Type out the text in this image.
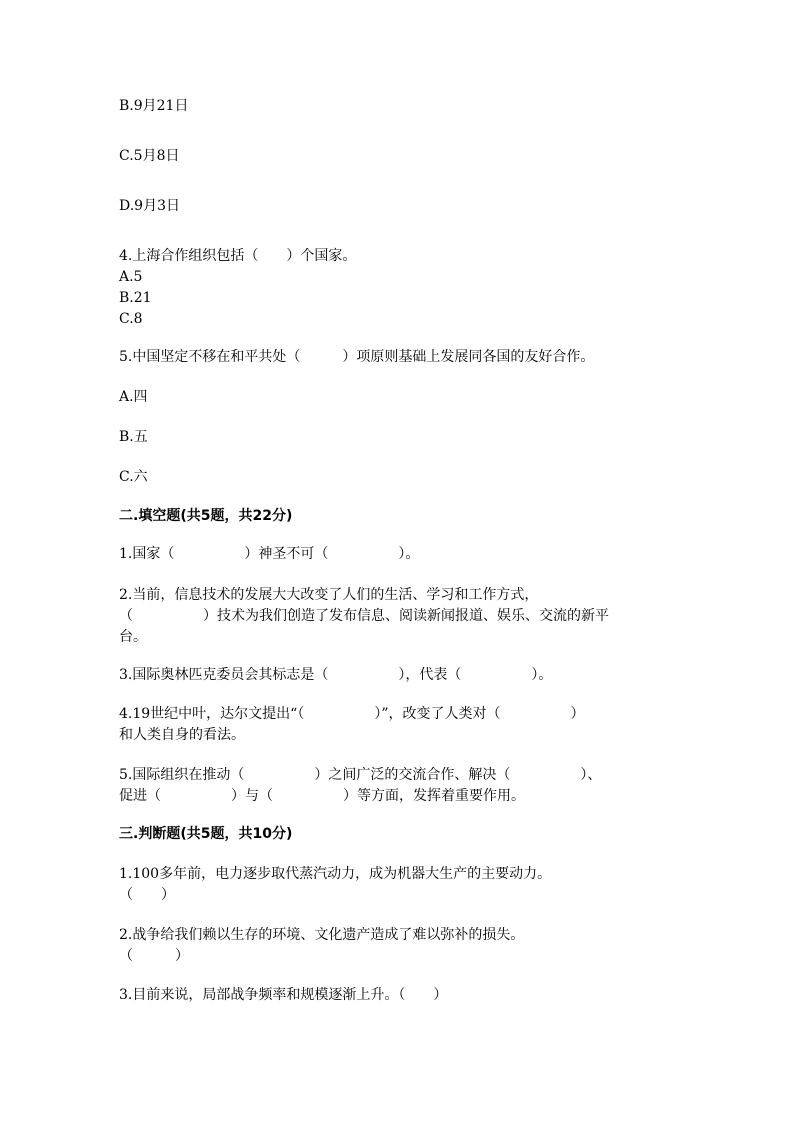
B.9月21日
C.5月8日
D.9月3日
4.上海合作组织包括（　　）个国家。
A.5
B.21
C.8
5.中国坚定不移在和平共处（　　　）项原则基础上发展同各国的友好合作。
A.四
B.五
C.六
二.填空题(共5题，共22分)
1.国家（　　　　　）神圣不可（　　　　　）。
2.当前，信息技术的发展大大改变了人们的生活、学习和工作方式，
（　　　　　）技术为我们创造了发布信息、阅读新闻报道、娱乐、交流的新平
台。
3.国际奥林匹克委员会其标志是（　　　　　），代表（　　　　　）。
4.19世纪中叶，达尔文提出“（　　　　　）”，改变了人类对（　　　　　）
和人类自身的看法。
5.国际组织在推动（　　　　　）之间广泛的交流合作、解决（　　　　　）、
促进（　　　　　）与（　　　　　）等方面，发挥着重要作用。
三.判断题(共5题，共10分)
1.100多年前，电力逐步取代蒸汽动力，成为机器大生产的主要动力。
（　　）
2.战争给我们赖以生存的环境、文化遗产造成了难以弥补的损失。
（　　　）
3.目前来说，局部战争频率和规模逐渐上升。（　　）
